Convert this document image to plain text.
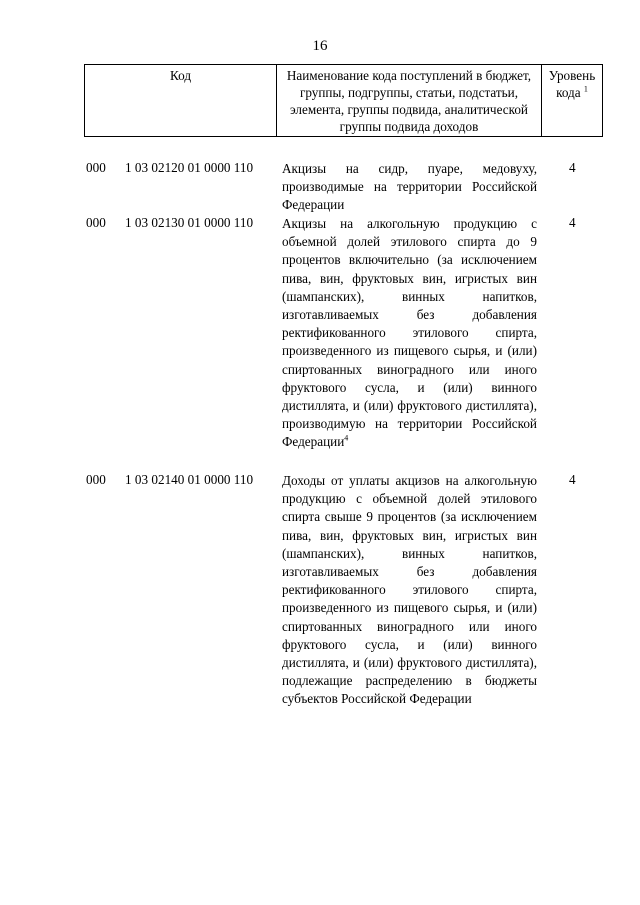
16
Код	Наименование кода поступлений в бюджет, группы, подгруппы, статьи, подстатьи, элемента, группы подвида, аналитической группы подвида доходов
Уровень кода $^1$
000 1 03 02120 01 0000 110 Акцизы на сидр, пуаре, медовуху, производимые на территории Российской Федерации
4
000 1 03 02130 01 0000 110 Акцизы на алкогольную продукцию с объемной долей этилового спирта до 9 процентов включительно (за исключением пива, вин, фруктовых вин, игристых вин (шампанских), винных напитков, изготавливаемых без добавления ректификованного этилового спирта, произведенного из пищевого сырья, и (или) спиртованных виноградного или иного фруктового сусла, и (или) винного дистиллята, и (или) фруктового дистиллята), производимую на территории Российской Федерации$^4$
4
000 1 03 02140 01 0000 110 Доходы от уплаты акцизов на алкогольную продукцию с объемной долей этилового спирта свыше 9 процентов (за исключением пива, вин, фруктовых вин, игристых вин (шампанских), винных напитков, изготавливаемых без добавления ректификованного этилового спирта, произведенного из пищевого сырья, и (или) спиртованных виноградного или иного фруктового сусла, и (или) винного дистиллята, и (или) фруктового дистиллята), подлежащие распределению в бюджеты субъектов Российской Федерации
4
